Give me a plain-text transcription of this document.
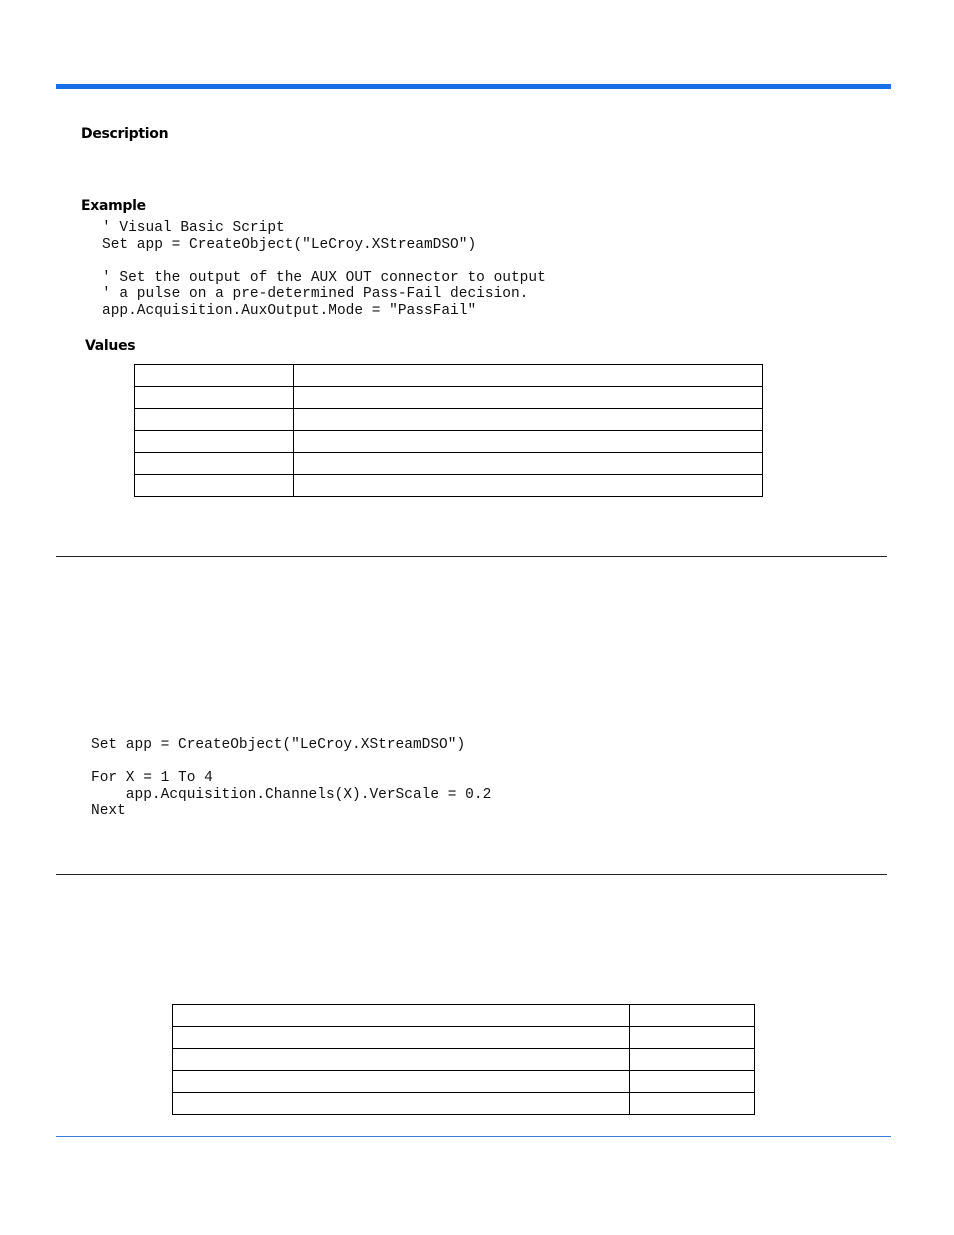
Description
Example
' Visual Basic Script
Set app = CreateObject("LeCroy.XStreamDSO")

' Set the output of the AUX OUT connector to output
' a pulse on a pre-determined Pass-Fail decision.
app.Acquisition.AuxOutput.Mode = "PassFail"
Values

Set app = CreateObject("LeCroy.XStreamDSO")

For X = 1 To 4
app.Acquisition.Channels(X).VerScale = 0.2
Next
